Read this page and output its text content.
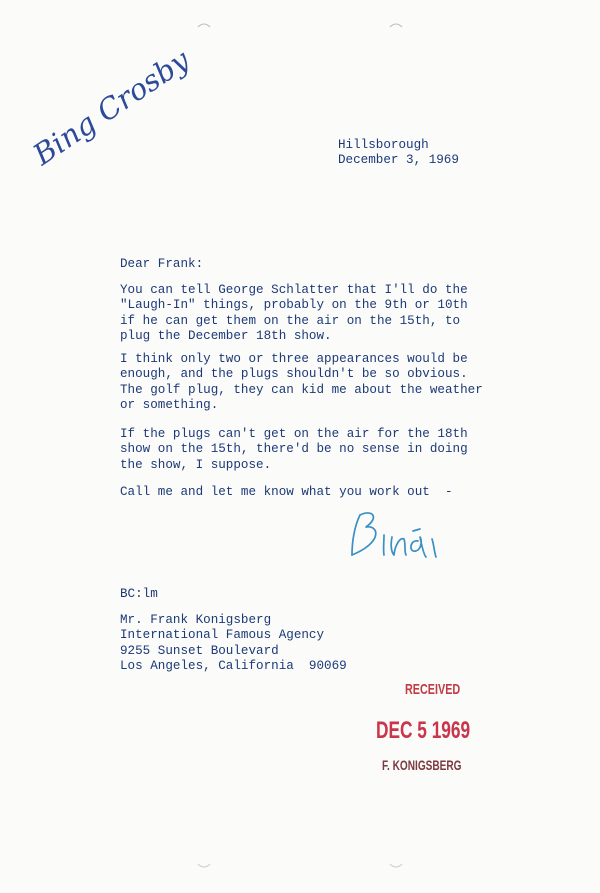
Bing Crosby	Hillsborough
December 3, 1969
Dear Frank:
You can tell George Schlatter that I'll do the
"Laugh-In" things, probably on the 9th or 10th
if he can get them on the air on the 15th, to
plug the December 18th show.
I think only two or three appearances would be
enough, and the plugs shouldn't be so obvious.
The golf plug, they can kid me about the weather
or something.
If the plugs can't get on the air for the 18th
show on the 15th, there'd be no sense in doing
the show, I suppose.
Call me and let me know what you work out  -
BC:lm
Mr. Frank Konigsberg
International Famous Agency
9255 Sunset Boulevard
Los Angeles, California  90069
RECEIVED
DEC 5 1969
F. KONIGSBERG
